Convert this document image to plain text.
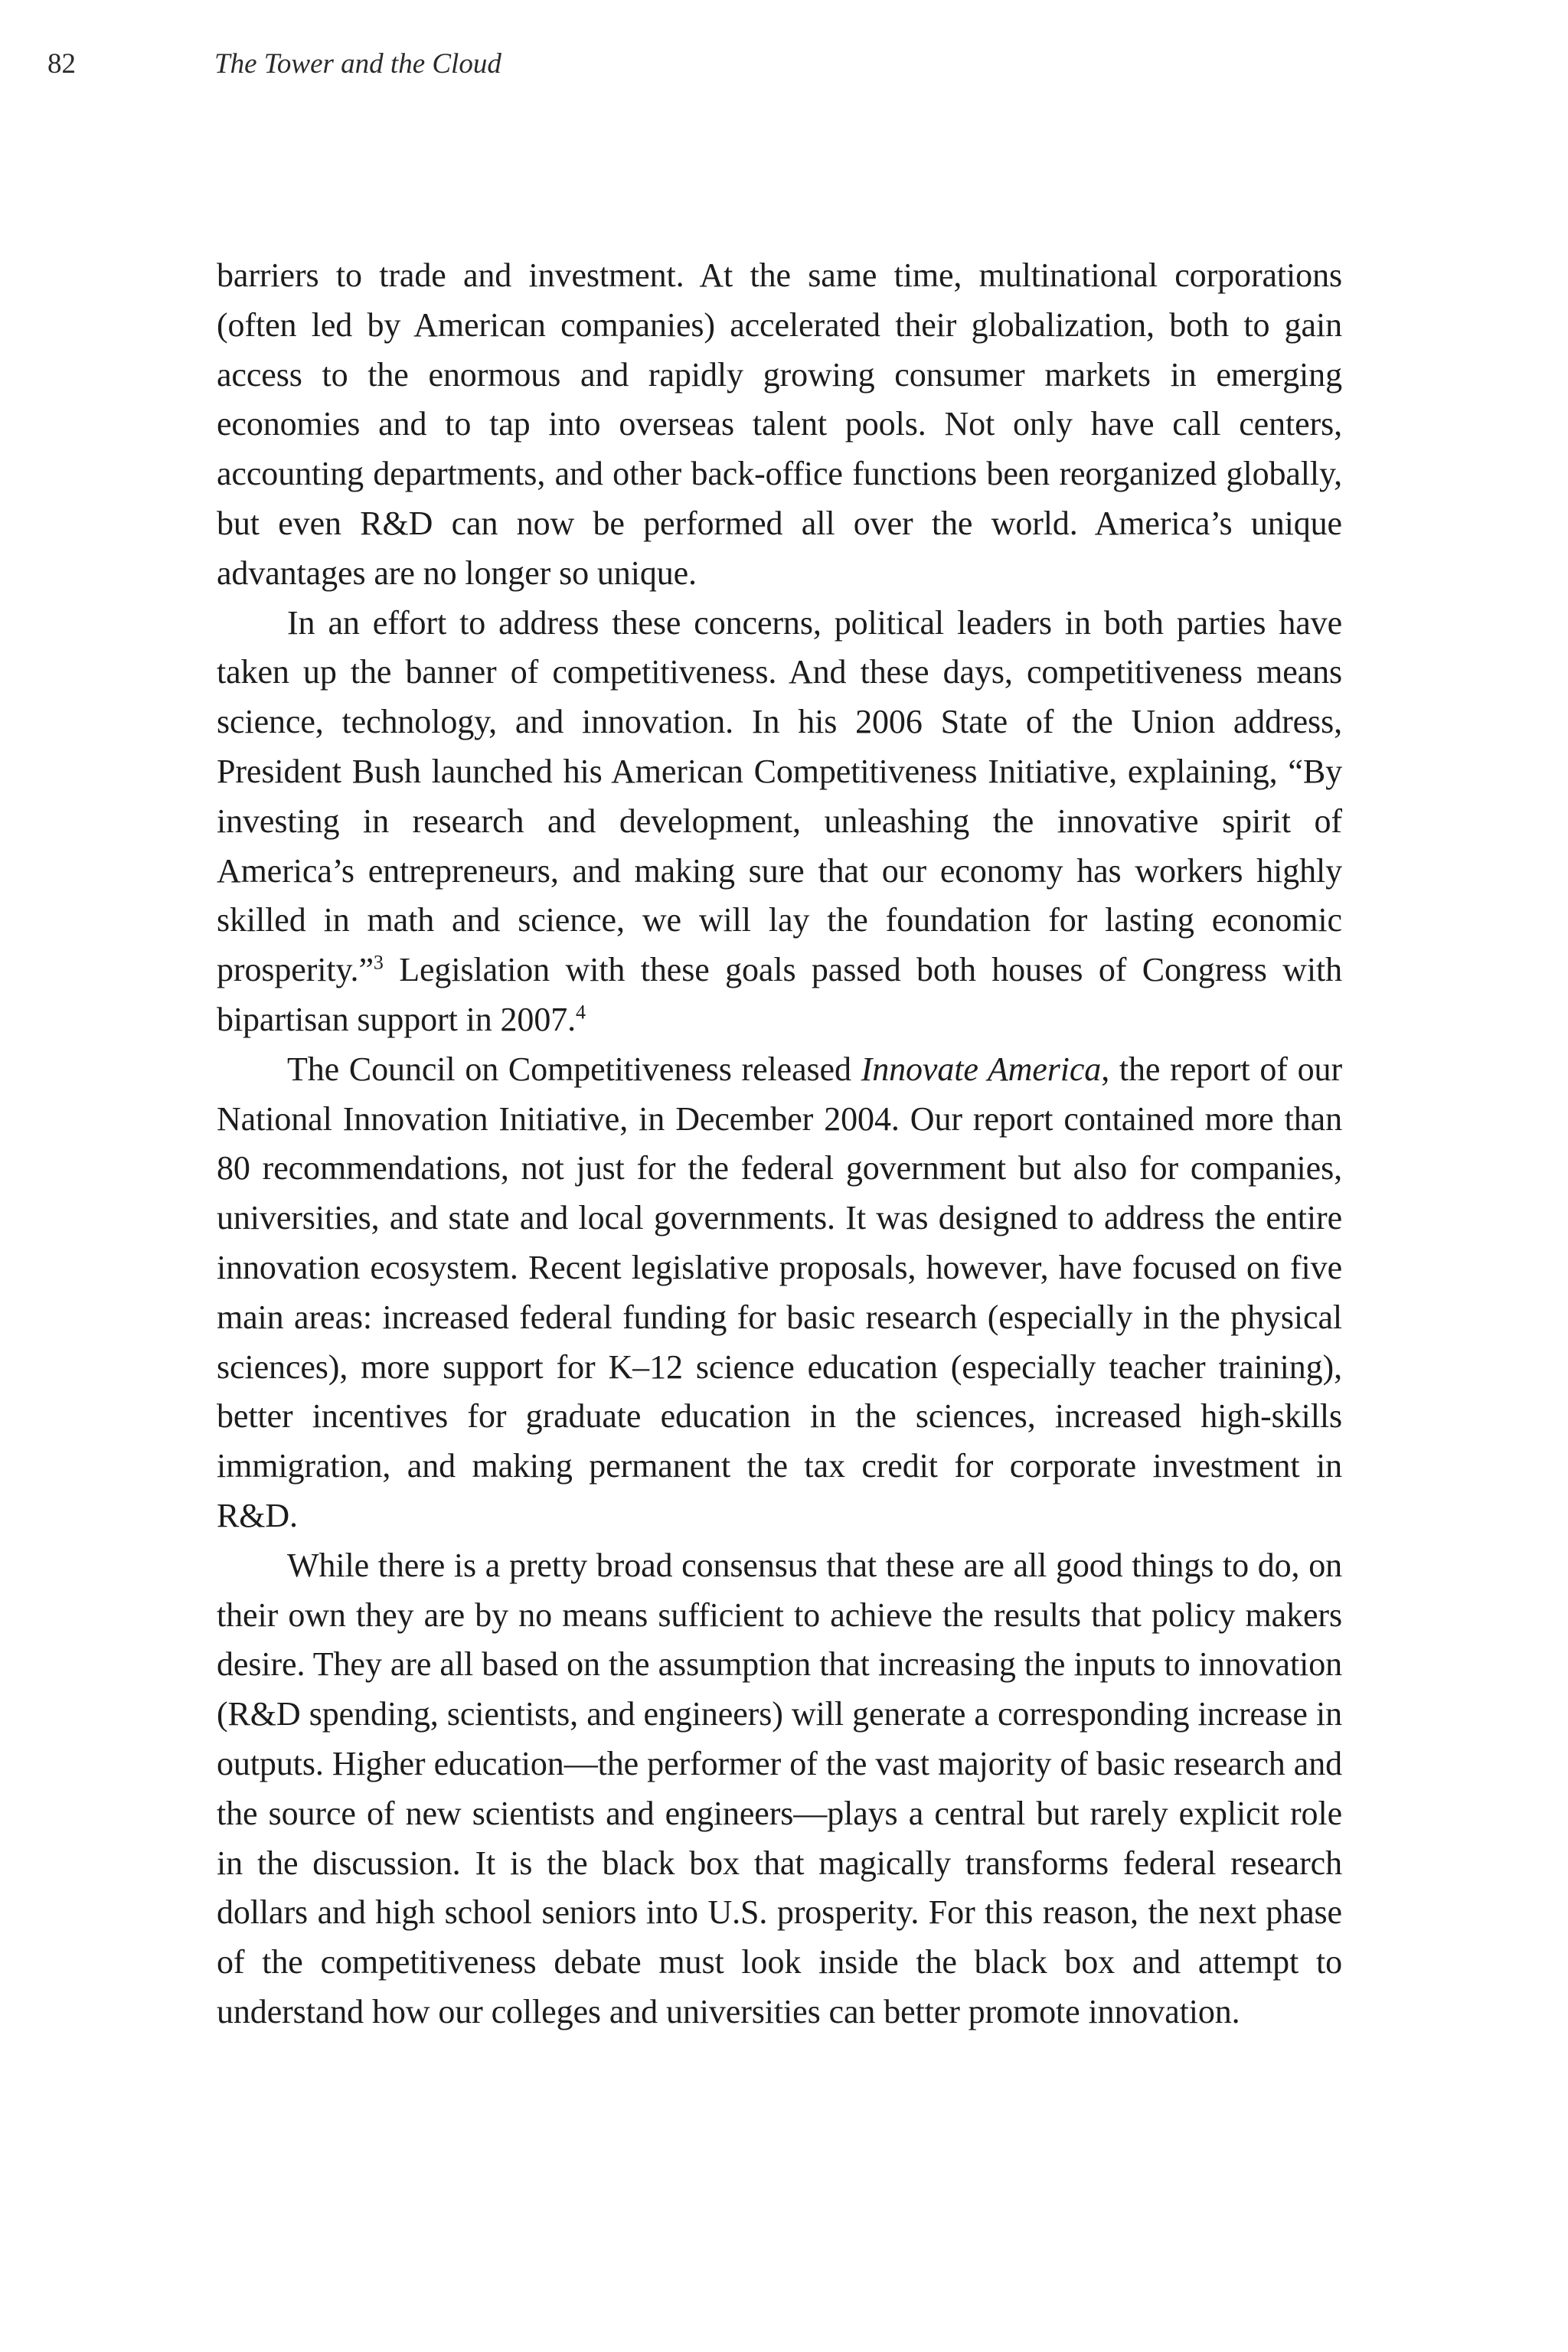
82	The Tower and the Cloud

barriers to trade and investment. At the same time, multinational corporations (often led by American companies) accelerated their globalization, both to gain access to the enormous and rapidly growing consumer markets in emerging economies and to tap into overseas talent pools. Not only have call centers, accounting departments, and other back-office functions been reorganized globally, but even R&D can now be performed all over the world. America’s unique advantages are no longer so unique.

In an effort to address these concerns, political leaders in both parties have taken up the banner of competitiveness. And these days, competitiveness means science, technology, and innovation. In his 2006 State of the Union address, President Bush launched his American Competitiveness Initiative, explaining, “By investing in research and development, unleashing the innovative spirit of America’s entrepreneurs, and making sure that our economy has workers highly skilled in math and science, we will lay the foundation for lasting economic prosperity.”$^3$ Legislation with these goals passed both houses of Congress with bipartisan support in 2007.$^4$

The Council on Competitiveness released Innovate America, the report of our National Innovation Initiative, in December 2004. Our report contained more than 80 recommendations, not just for the federal government but also for companies, universities, and state and local governments. It was designed to address the entire innovation ecosystem. Recent legislative proposals, however, have focused on five main areas: increased federal funding for basic research (especially in the physical sciences), more support for K–12 science education (especially teacher training), better incentives for graduate education in the sciences, increased high-skills immigration, and making permanent the tax credit for corporate investment in R&D.

While there is a pretty broad consensus that these are all good things to do, on their own they are by no means sufficient to achieve the results that policy makers desire. They are all based on the assumption that increasing the inputs to innovation (R&D spending, scientists, and engineers) will generate a corresponding increase in outputs. Higher education—the performer of the vast majority of basic research and the source of new scientists and engineers—plays a central but rarely explicit role in the discussion. It is the black box that magically transforms federal research dollars and high school seniors into U.S. prosperity. For this reason, the next phase of the competitiveness debate must look inside the black box and attempt to understand how our colleges and universities can better promote innovation.
